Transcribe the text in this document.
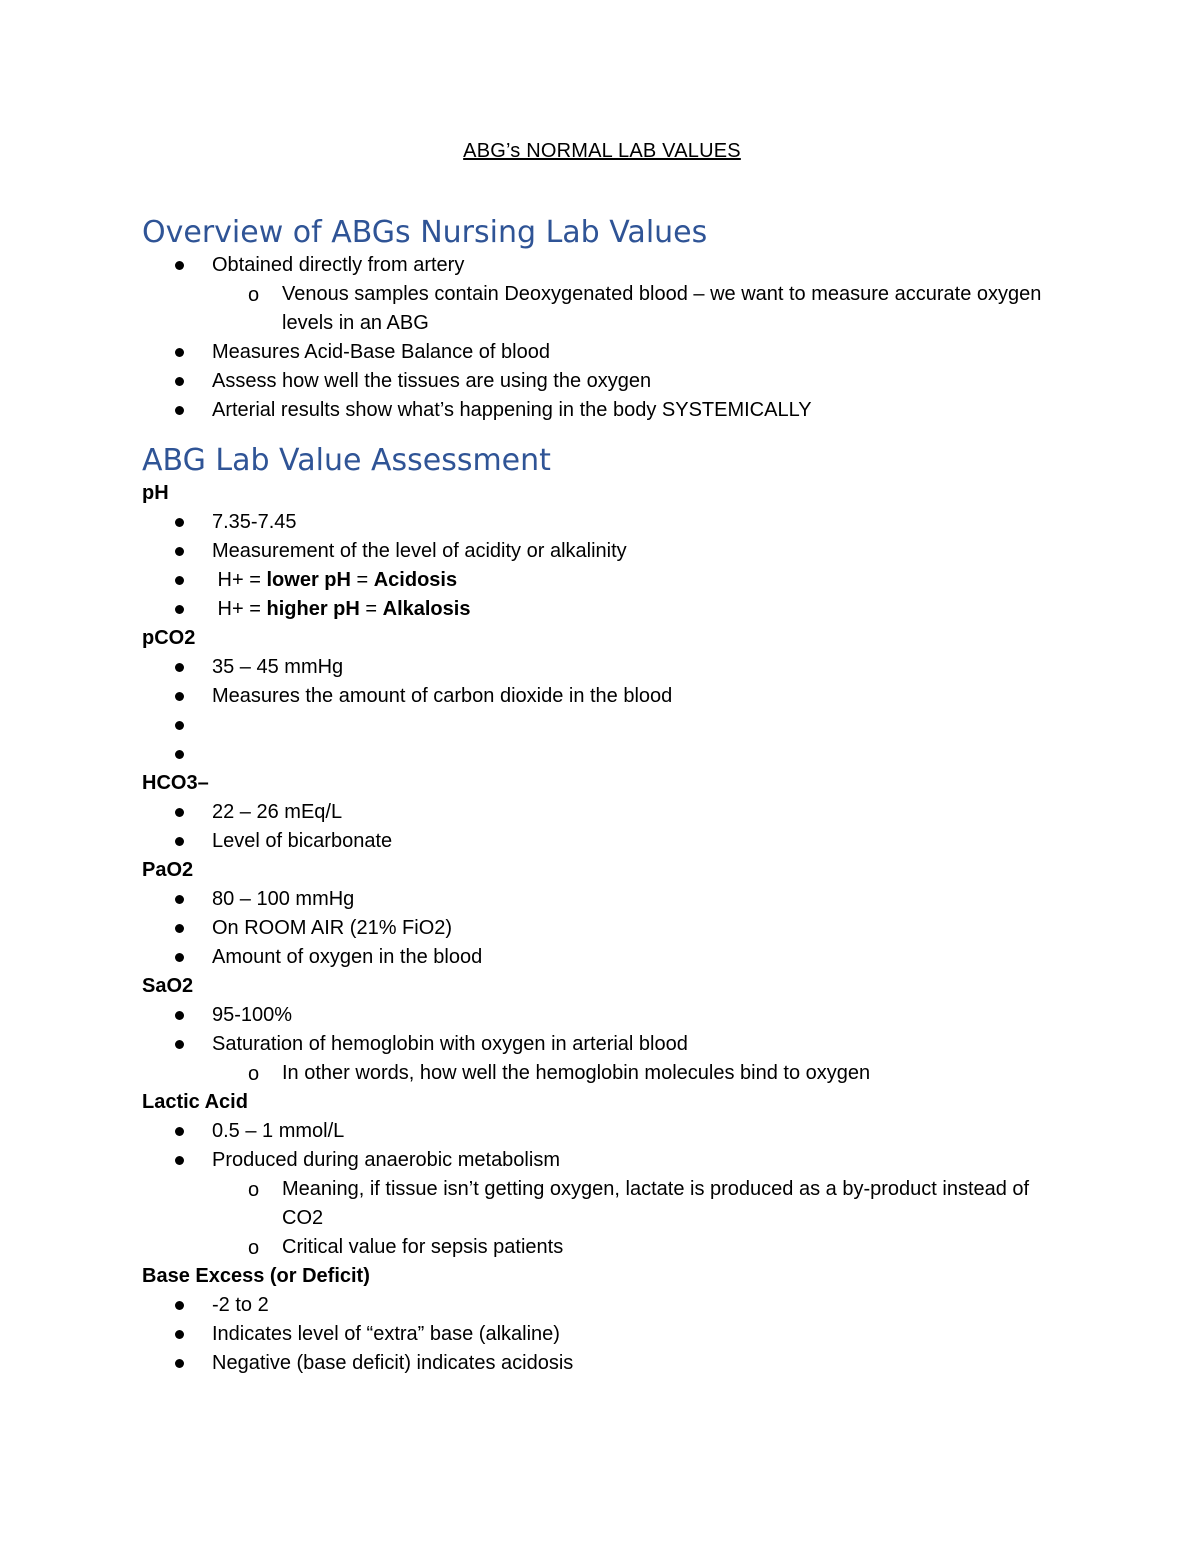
ABG’s NORMAL LAB VALUES
Overview of ABGs Nursing Lab Values
Obtained directly from artery
o Venous samples contain Deoxygenated blood – we want to measure accurate oxygen levels in an ABG
Measures Acid-Base Balance of blood
Assess how well the tissues are using the oxygen
Arterial results show what’s happening in the body SYSTEMICALLY
ABG Lab Value Assessment

pH

7.35-7.45
Measurement of the level of acidity or alkalinity
H+ = lower pH = Acidosis
H+ = higher pH = Alkalosis

pCO2

35 – 45 mmHg
Measures the amount of carbon dioxide in the blood

HCO3–

22 – 26 mEq/L
Level of bicarbonate

PaO2

80 – 100 mmHg
On ROOM AIR (21% FiO2)
Amount of oxygen in the blood

SaO2

95-100%
Saturation of hemoglobin with oxygen in arterial blood
o In other words, how well the hemoglobin molecules bind to oxygen

Lactic Acid

0.5 – 1 mmol/L
Produced during anaerobic metabolism
o Meaning, if tissue isn’t getting oxygen, lactate is produced as a by-product instead of CO2
o Critical value for sepsis patients

Base Excess (or Deficit)

-2 to 2
Indicates level of “extra” base (alkaline)
Negative (base deficit) indicates acidosis
